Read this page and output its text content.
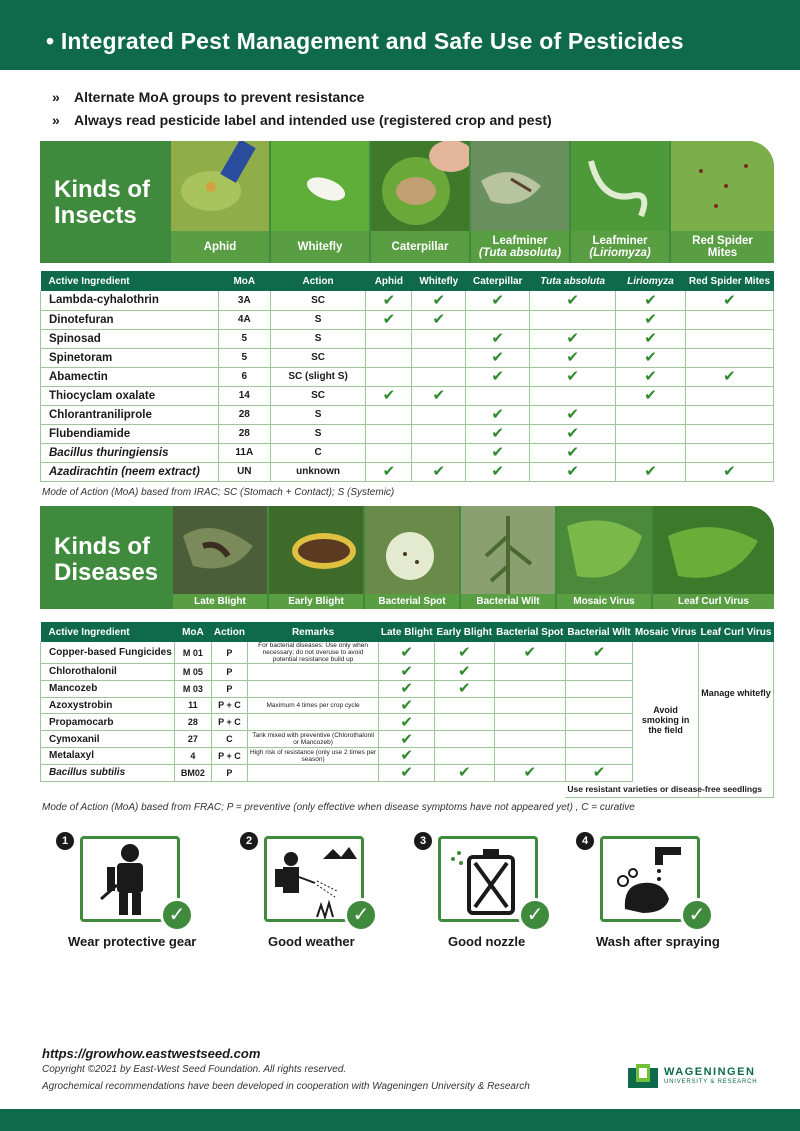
• Integrated Pest Management and Safe Use of Pesticides
» Alternate MoA groups to prevent resistance
» Always read pesticide label and intended use (registered crop and pest)
Kinds of
Insects
Aphid	Whitefly	Caterpillar	Leafminer
(Tuta absoluta)
Leafminer
(Liriomyza)
Red Spider
Mites
Active Ingredient	MoA	Action	Aphid	Whitefly	Caterpillar	Tuta absoluta	Liriomyza	Red Spider Mites
Lambda-cyhalothrin	3A	SC	✔	✔	✔	✔	✔	✔
Dinotefuran	4A	S	✔	✔			✔	
Spinosad	5	S			✔	✔	✔	
Spinetoram	5	SC			✔	✔	✔	
Abamectin	6	SC (slight S)			✔	✔	✔	✔
Thiocyclam oxalate	14	SC	✔	✔			✔	
Chlorantraniliprole	28	S			✔	✔		
Flubendiamide	28	S			✔	✔		
Bacillus thuringiensis	11A	C			✔	✔		
Azadirachtin (neem extract)	UN	unknown	✔	✔	✔	✔	✔	✔
Mode of Action (MoA) based from IRAC; SC (Stomach + Contact); S (Systemic)
Kinds of
Diseases
Late Blight	Early Blight	Bacterial Spot	Bacterial Wilt	Mosaic Virus	Leaf Curl Virus
Active Ingredient	MoA	Action	Remarks	Late Blight	Early Blight	Bacterial Spot	Bacterial Wilt	Mosaic Virus	Leaf Curl Virus
Copper-based Fungicides	M 01	P	For bacterial diseases: Use only when necessary; do not overuse to avoid potential resistance build up	✔	✔	✔	✔	Avoid smoking in the field	Manage whitefly
Chlorothalonil	M 05	P		✔	✔				
Mancozeb	M 03	P		✔	✔				
Azoxystrobin	11	P + C	Maximum 4 times per crop cycle	✔					
Propamocarb	28	P + C		✔					
Cymoxanil	27	C	Tank mixed with preventive (Chlorothalonil or Mancozeb)	✔					
Metalaxyl	4	P + C	High risk of resistance (only use 2 times per season)	✔					
Bacillus subtilis	BM02	P		✔	✔	✔	✔		
							Use resistant varieties or disease-free seedlings		
Mode of Action (MoA) based from FRAC; P = preventive (only effective when disease symptoms have not appeared yet) , C = curative
1
✓
Wear protective gear
2
✓
Good weather
3
✓
Good nozzle
4
✓
Wash after spraying
https://growhow.eastwestseed.com
Copyright ©2021 by East-West Seed Foundation. All rights reserved.
Agrochemical recommendations have been developed in cooperation with Wageningen University & Research
WAGENINGEN
UNIVERSITY & RESEARCH
